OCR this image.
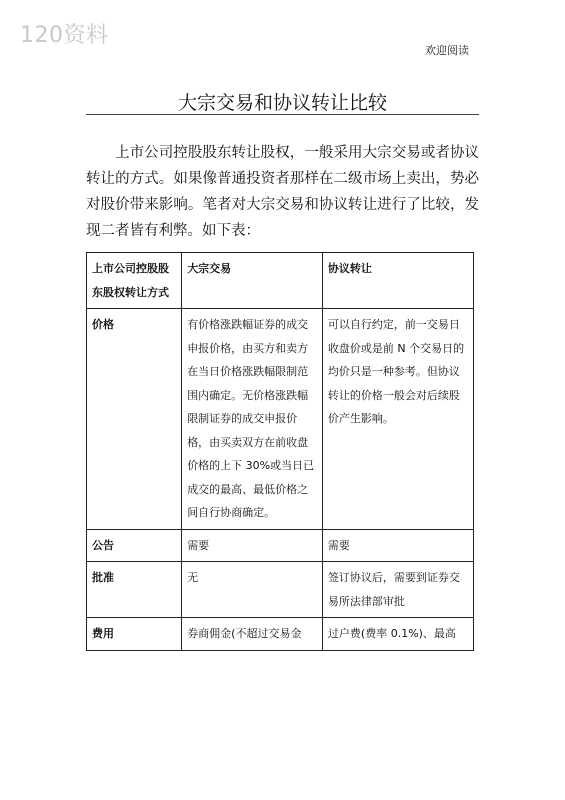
120资料
欢迎阅读
大宗交易和协议转让比较
上市公司控股股东转让股权，一般采用大宗交易或者协议转让的方式。如果像普通投资者那样在二级市场上卖出，势必对股价带来影响。笔者对大宗交易和协议转让进行了比较，发现二者皆有利弊。如下表：
上市公司控股股东股权转让方式	大宗交易	协议转让
价格	有价格涨跌幅证券的成交申报价格，由买方和卖方在当日价格涨跌幅限制范围内确定。无价格涨跌幅限制证券的成交申报价格，由买卖双方在前收盘价格的上下 30%或当日已成交的最高、最低价格之间自行协商确定。	可以自行约定，前一交易日收盘价或是前 N 个交易日的均价只是一种参考。但协议转让的价格一般会对后续股价产生影响。
公告	需要	需要
批准	无	签订协议后，需要到证券交易所法律部审批
费用	券商佣金(不超过交易金	过户费(费率 0.1%)、最高
